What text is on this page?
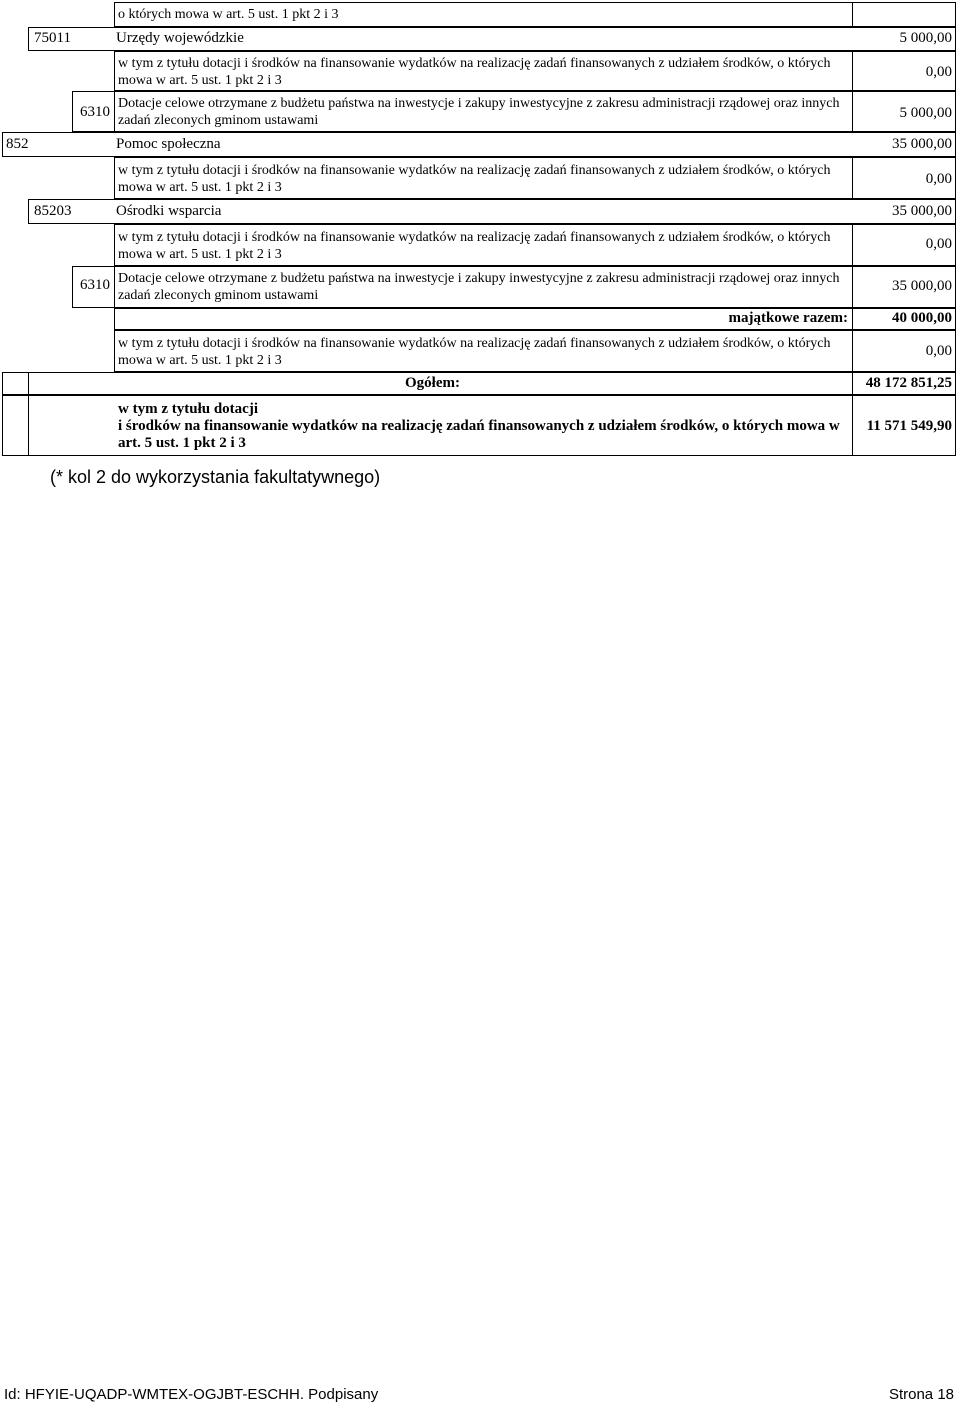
o których mowa w art. 5 ust. 1 pkt 2 i 3
75011	Urzędy wojewódzkie	5 000,00
w tym z tytułu dotacji i środków na finansowanie wydatków na realizację zadań finansowanych z udziałem środków, o których mowa w art. 5 ust. 1 pkt 2 i 3
0,00
6310
Dotacje celowe otrzymane z budżetu państwa na inwestycje i zakupy inwestycyjne z zakresu administracji rządowej oraz innych zadań zleconych gminom ustawami	5 000,00
852	Pomoc społeczna	35 000,00
w tym z tytułu dotacji i środków na finansowanie wydatków na realizację zadań finansowanych z udziałem środków, o których mowa w art. 5 ust. 1 pkt 2 i 3
0,00
85203	Ośrodki wsparcia	35 000,00
w tym z tytułu dotacji i środków na finansowanie wydatków na realizację zadań finansowanych z udziałem środków, o których mowa w art. 5 ust. 1 pkt 2 i 3
0,00
6310 Dotacje celowe otrzymane z budżetu państwa na inwestycje i zakupy inwestycyjne z zakresu administracji rządowej oraz innych zadań zleconych gminom ustawami
35 000,00
majątkowe razem:	40 000,00
w tym z tytułu dotacji i środków na finansowanie wydatków na realizację zadań finansowanych z udziałem środków, o których mowa w art. 5 ust. 1 pkt 2 i 3
0,00
Ogółem:	48 172 851,25
w tym z tytułu dotacji
i środków na finansowanie wydatków na realizację zadań finansowanych z udziałem środków, o których mowa w art. 5 ust. 1 pkt 2 i 3
11 571 549,90
(* kol 2 do wykorzystania fakultatywnego)
Id: HFYIE-UQADP-WMTEX-OGJBT-ESCHH. Podpisany	Strona 18
